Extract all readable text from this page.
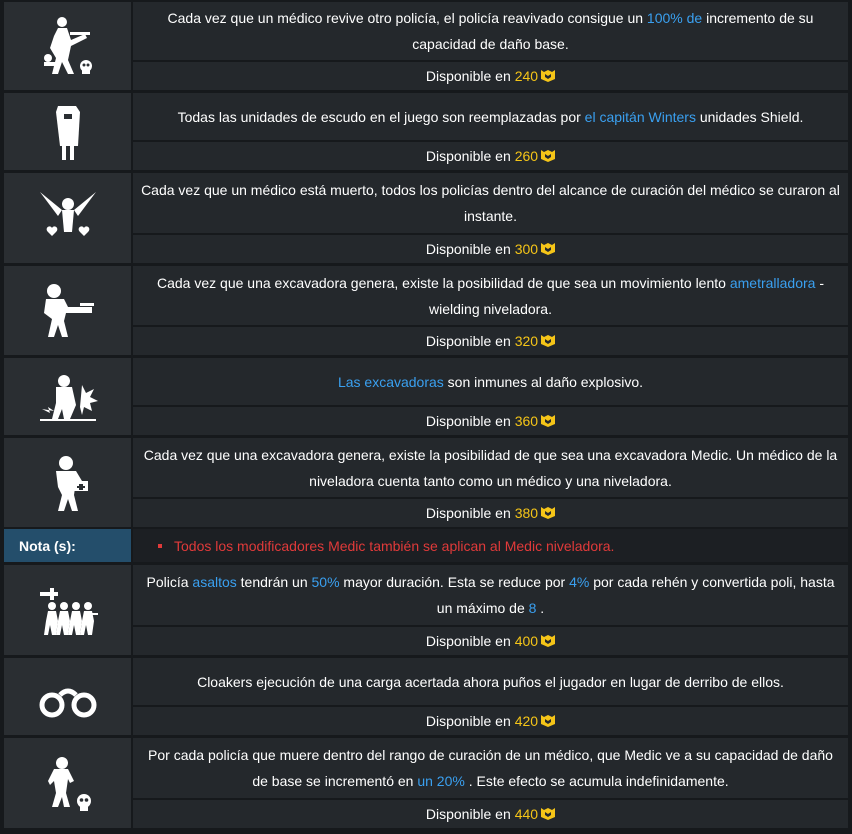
Cada vez que un médico revive otro policía, el policía reavivado consigue un 100% de incremento de su capacidad de daño base.
Disponible en 240
Todas las unidades de escudo en el juego son reemplazadas por el capitán Winters unidades Shield.
Disponible en 260
Cada vez que un médico está muerto, todos los policías dentro del alcance de curación del médico se curaron al instante.
Disponible en 300
Cada vez que una excavadora genera, existe la posibilidad de que sea un movimiento lento ametralladora - wielding niveladora.
Disponible en 320
Las excavadoras son inmunes al daño explosivo.
Disponible en 360
Cada vez que una excavadora genera, existe la posibilidad de que sea una excavadora Medic. Un médico de la niveladora cuenta tanto como un médico y una niveladora.
Disponible en 380
Nota (s):	Todos los modificadores Medic también se aplican al Medic niveladora.
Policía asaltos tendrán un 50% mayor duración. Esta se reduce por 4% por cada rehén y convertida poli, hasta un máximo de 8 .
Disponible en 400
Cloakers ejecución de una carga acertada ahora puños el jugador en lugar de derribo de ellos.
Disponible en 420
Por cada policía que muere dentro del rango de curación de un médico, que Medic ve a su capacidad de daño de base se incrementó en un 20% . Este efecto se acumula indefinidamente.
Disponible en 440
